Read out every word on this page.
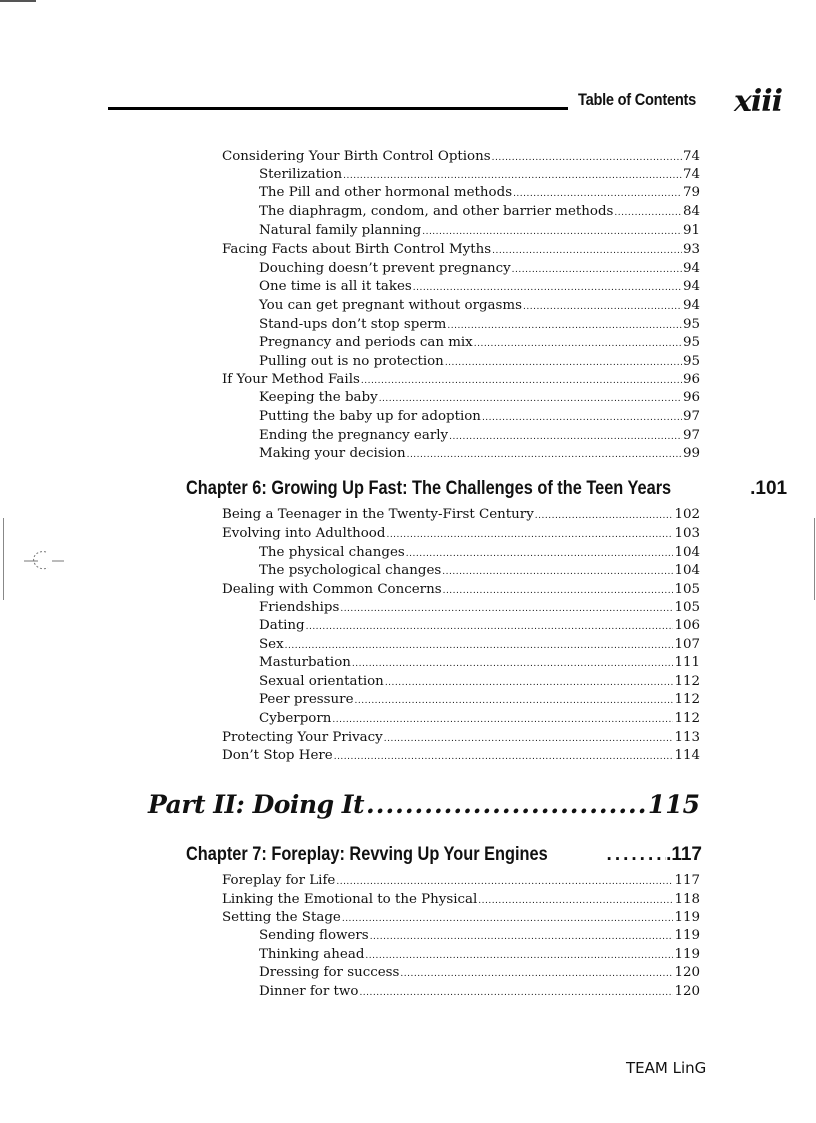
Table of Contents xiii
Considering Your Birth Control Options .....	74
Sterilization .....	74
The Pill and other hormonal methods .....	79
The diaphragm, condom, and other barrier methods .....	84
Natural family planning .....	91
Facing Facts about Birth Control Myths .....	93
Douching doesn’t prevent pregnancy .....	94
One time is all it takes .....	94
You can get pregnant without orgasms .....	94
Stand-ups don’t stop sperm .....	95
Pregnancy and periods can mix .....	95
Pulling out is no protection .....	95
If Your Method Fails .....	96
Keeping the baby .....	96
Putting the baby up for adoption .....	97
Ending the pregnancy early .....	97
Making your decision .....	99
Chapter 6: Growing Up Fast: The Challenges of the Teen Years	.101
Being a Teenager in the Twenty-First Century .....	102
Evolving into Adulthood .....	103
The physical changes .....	104
The psychological changes .....	104
Dealing with Common Concerns .....	105
Friendships .....	105
Dating .....	106
Sex .....	107
Masturbation .....	111
Sexual orientation .....	112
Peer pressure .....	112
Cyberporn .....	112
Protecting Your Privacy .....	113
Don’t Stop Here .....	114
Part II: Doing It .....	115
Chapter 7: Foreplay: Revving Up Your Engines .....	.117
Foreplay for Life .....	117
Linking the Emotional to the Physical .....	118
Setting the Stage .....	119
Sending flowers .....	119
Thinking ahead .....	119
Dressing for success .....	120
Dinner for two .....	120
TEAM LinG
